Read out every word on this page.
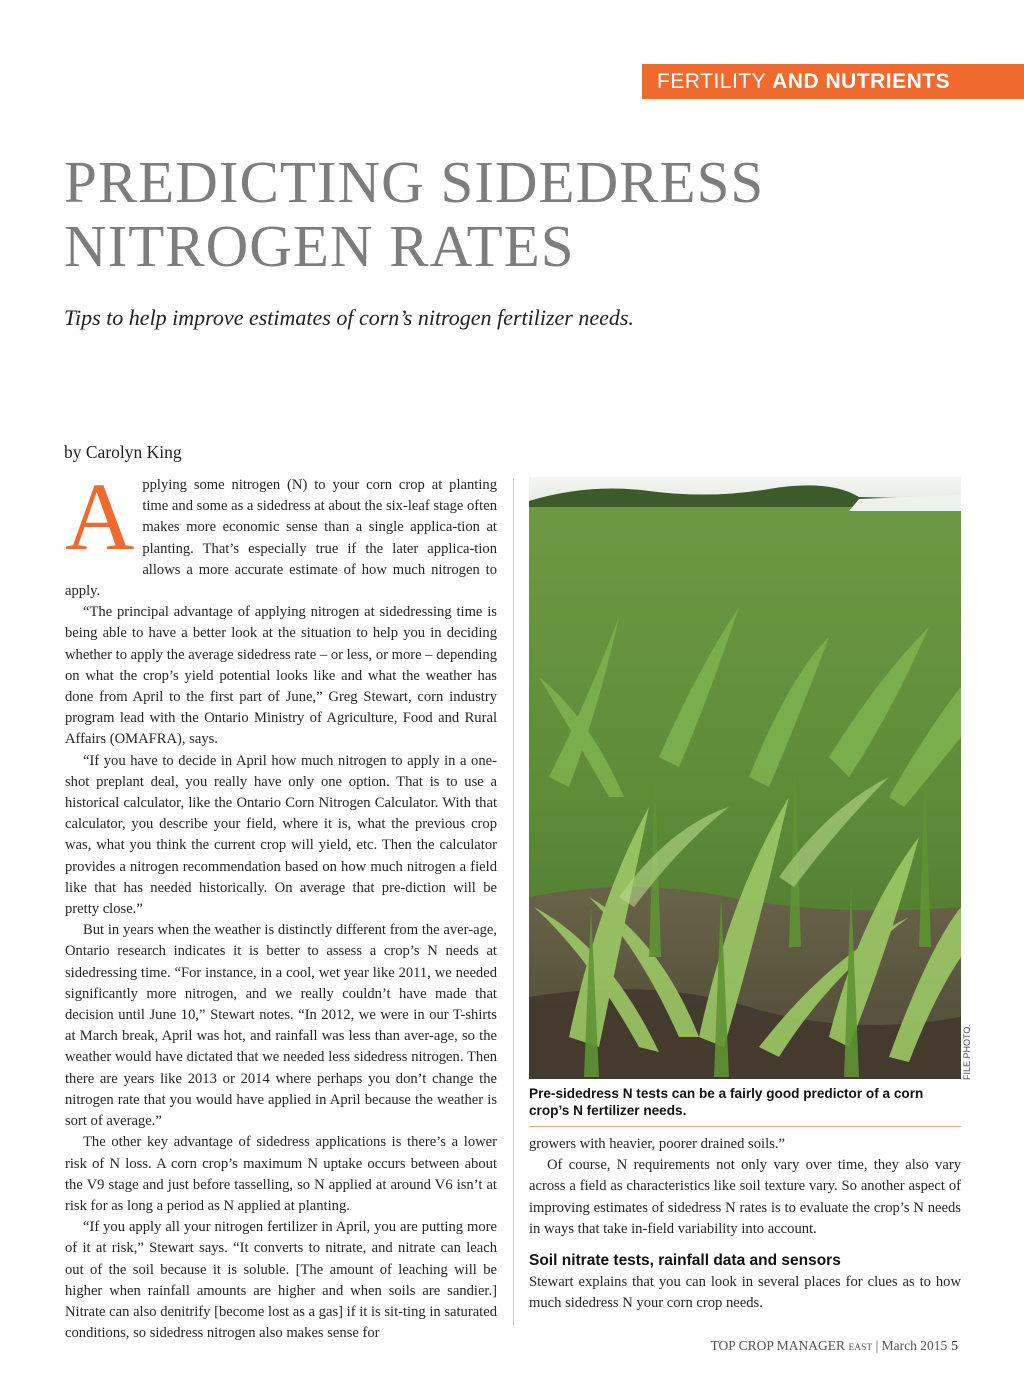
FERTILITY AND NUTRIENTS
PREDICTING SIDEDRESS
NITROGEN RATES
Tips to help improve estimates of corn’s nitrogen fertilizer needs.
by Carolyn King

Applying some nitrogen (N) to your corn crop at planting time and some as a sidedress at about the six-leaf stage often makes more economic sense than a single applica-tion at planting. That’s especially true if the later applica-tion allows a more accurate estimate of how much nitrogen to apply.

“The principal advantage of applying nitrogen at sidedressing time is being able to have a better look at the situation to help you in deciding whether to apply the average sidedress rate – or less, or more – depending on what the crop’s yield potential looks like and what the weather has done from April to the first part of June,” Greg Stewart, corn industry program lead with the Ontario Ministry of Agriculture, Food and Rural Affairs (OMAFRA), says.

“If you have to decide in April how much nitrogen to apply in a one-shot preplant deal, you really have only one option. That is to use a historical calculator, like the Ontario Corn Nitrogen Calculator. With that calculator, you describe your field, where it is, what the previous crop was, what you think the current crop will yield, etc. Then the calculator provides a nitrogen recommendation based on how much nitrogen a field like that has needed historically. On average that pre-diction will be pretty close.”

But in years when the weather is distinctly different from the aver-age, Ontario research indicates it is better to assess a crop’s N needs at sidedressing time. “For instance, in a cool, wet year like 2011, we needed significantly more nitrogen, and we really couldn’t have made that decision until June 10,” Stewart notes. “In 2012, we were in our T-shirts at March break, April was hot, and rainfall was less than aver-age, so the weather would have dictated that we needed less sidedress nitrogen. Then there are years like 2013 or 2014 where perhaps you don’t change the nitrogen rate that you would have applied in April because the weather is sort of average.”

The other key advantage of sidedress applications is there’s a lower risk of N loss. A corn crop’s maximum N uptake occurs between about the V9 stage and just before tasselling, so N applied at around V6 isn’t at risk for as long a period as N applied at planting.

“If you apply all your nitrogen fertilizer in April, you are putting more of it at risk,” Stewart says. “It converts to nitrate, and nitrate can leach out of the soil because it is soluble. [The amount of leaching will be higher when rainfall amounts are higher and when soils are sandier.] Nitrate can also denitrify [become lost as a gas] if it is sit-ting in saturated conditions, so sidedress nitrogen also makes sense for

FILE PHOTO.
Pre-sidedress N tests can be a fairly good predictor of a corn crop’s N fertilizer needs.

growers with heavier, poorer drained soils.”

Of course, N requirements not only vary over time, they also vary across a field as characteristics like soil texture vary. So another aspect of improving estimates of sidedress N rates is to evaluate the crop’s N needs in ways that take in-field variability into account.

Soil nitrate tests, rainfall data and sensors

Stewart explains that you can look in several places for clues as to how much sidedress N your corn crop needs.

TOP CROP MANAGER EAST | March 2015 5
